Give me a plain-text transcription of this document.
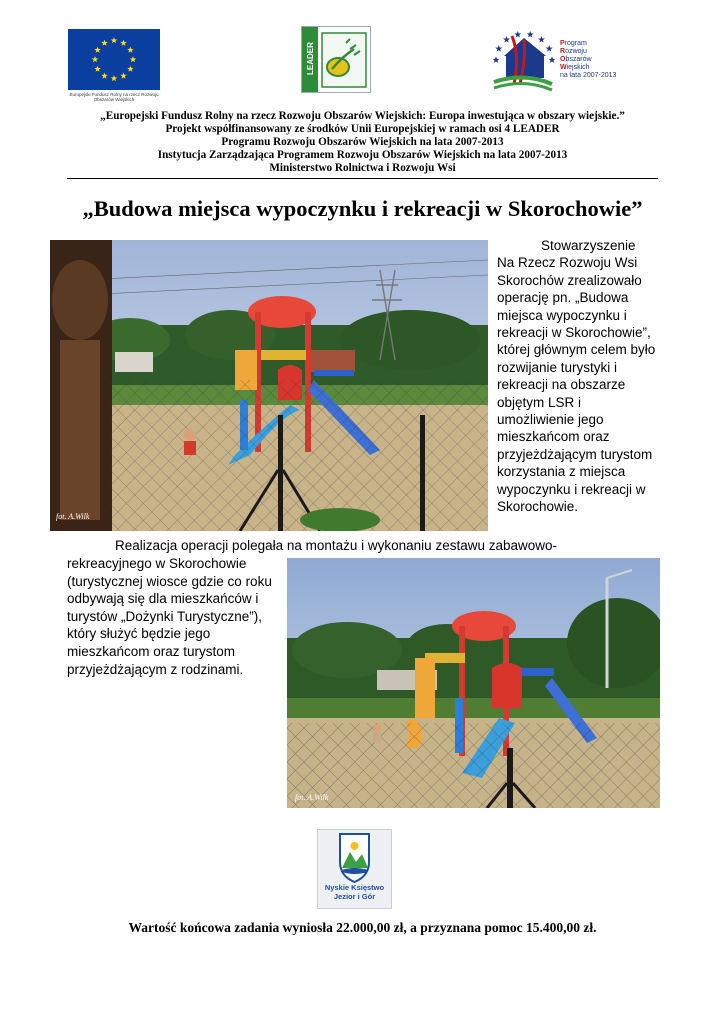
Europejski Fundusz Rolny na rzecz Rozwoju Obszarów Wiejskich
LEADER	Program
Rozwoju
Obszarów
Wiejskich
na lata 2007-2013
„Europejski Fundusz Rolny na rzecz Rozwoju Obszarów Wiejskich: Europa inwestująca w obszary wiejskie.”
Projekt współfinansowany ze środków Unii Europejskiej w ramach osi 4 LEADER
Programu Rozwoju Obszarów Wiejskich na lata 2007-2013
Instytucja Zarządzająca Programem Rozwoju Obszarów Wiejskich na lata 2007-2013
Ministerstwo Rolnictwa i Rozwoju Wsi
„Budowa miejsca wypoczynku i rekreacji w Skorochowie”
fot. A.Wilk
Stowarzyszenie
Na Rzecz Rozwoju Wsi Skorochów zrealizowało operację pn. „Budowa miejsca wypoczynku i rekreacji w Skorochowie”, której głównym celem było rozwijanie turystyki i rekreacji na obszarze objętym LSR i umożliwienie jego mieszkańcom oraz przyjeżdżającym turystom korzystania z miejsca wypoczynku i rekreacji w Skorochowie.
Realizacja operacji polegała na montażu i wykonaniu zestawu zabawowo-
rekreacyjnego w Skorochowie (turystycznej wiosce gdzie co roku odbywają się dla mieszkańców i turystów „Dożynki Turystyczne”), który służyć będzie jego mieszkańcom oraz turystom przyjeżdżającym z rodzinami.
fot. A.Wilk
Nyskie Księstwo
Jezior i Gór
Wartość końcowa zadania wyniosła 22.000,00 zł, a przyznana pomoc 15.400,00 zł.
